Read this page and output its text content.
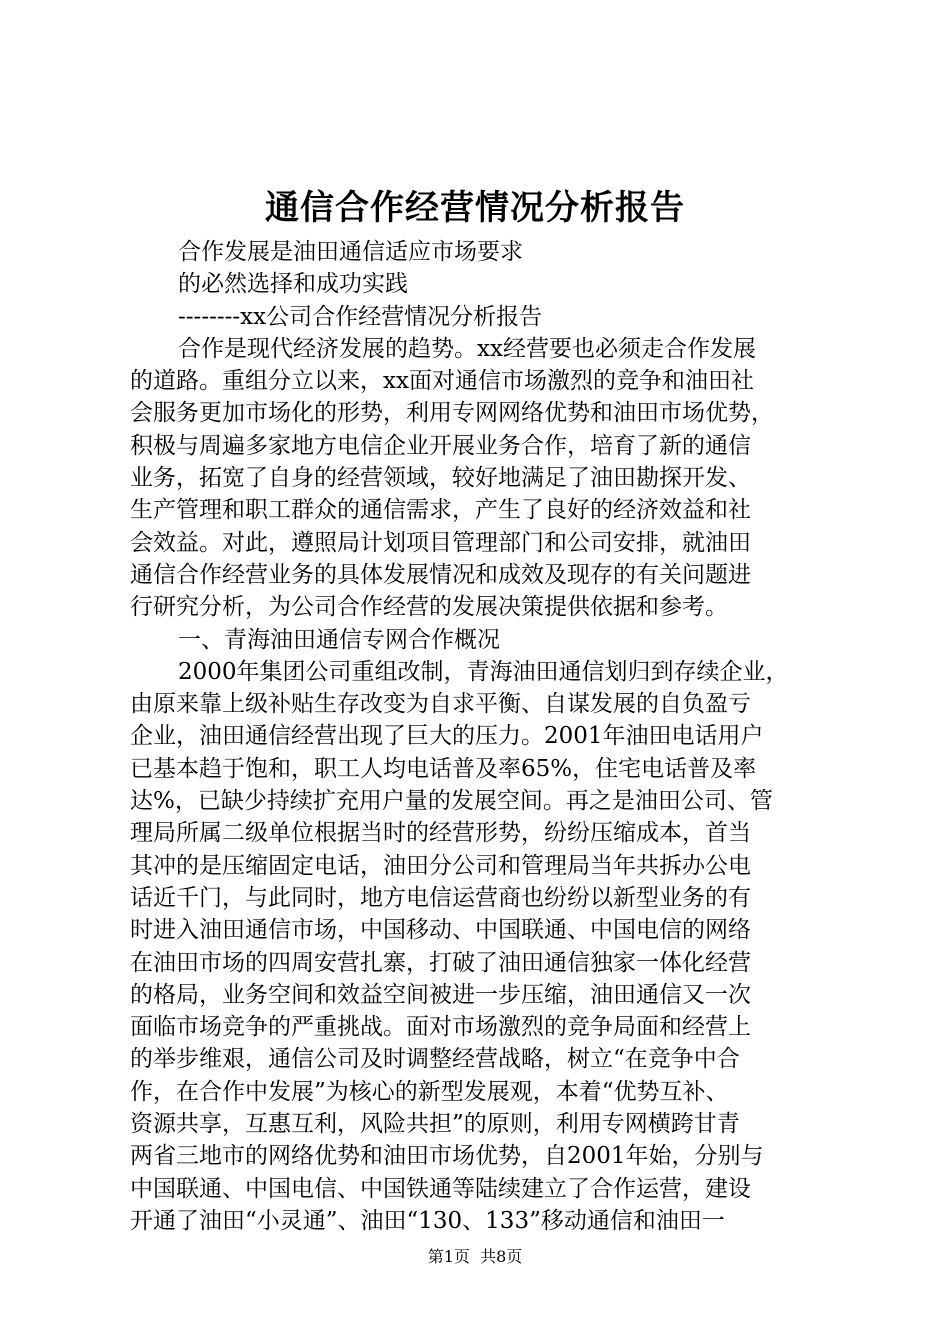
通信合作经营情况分析报告
合作发展是油田通信适应市场要求
的必然选择和成功实践
--------xx公司合作经营情况分析报告
合作是现代经济发展的趋势。xx经营要也必须走合作发展
的道路。重组分立以来，xx面对通信市场激烈的竞争和油田社
会服务更加市场化的形势，利用专网网络优势和油田市场优势，
积极与周遍多家地方电信企业开展业务合作，培育了新的通信
业务，拓宽了自身的经营领域，较好地满足了油田勘探开发、
生产管理和职工群众的通信需求，产生了良好的经济效益和社
会效益。对此，遵照局计划项目管理部门和公司安排，就油田
通信合作经营业务的具体发展情况和成效及现存的有关问题进
行研究分析，为公司合作经营的发展决策提供依据和参考。
一、青海油田通信专网合作概况
2000年集团公司重组改制，青海油田通信划归到存续企业，
由原来靠上级补贴生存改变为自求平衡、自谋发展的自负盈亏
企业，油田通信经营出现了巨大的压力。2001年油田电话用户
已基本趋于饱和，职工人均电话普及率65%，住宅电话普及率
达%，已缺少持续扩充用户量的发展空间。再之是油田公司、管
理局所属二级单位根据当时的经营形势，纷纷压缩成本，首当
其冲的是压缩固定电话，油田分公司和管理局当年共拆办公电
话近千门，与此同时，地方电信运营商也纷纷以新型业务的有
时进入油田通信市场，中国移动、中国联通、中国电信的网络
在油田市场的四周安营扎寨，打破了油田通信独家一体化经营
的格局，业务空间和效益空间被进一步压缩，油田通信又一次
面临市场竞争的严重挑战。面对市场激烈的竞争局面和经营上
的举步维艰，通信公司及时调整经营战略，树立“在竞争中合
作，在合作中发展”为核心的新型发展观，本着“优势互补、
资源共享，互惠互利，风险共担”的原则，利用专网横跨甘青
两省三地市的网络优势和油田市场优势，自2001年始，分别与
中国联通、中国电信、中国铁通等陆续建立了合作运营，建设
开通了油田“小灵通”、油田“130、133”移动通信和油田一
第1页  共8页
